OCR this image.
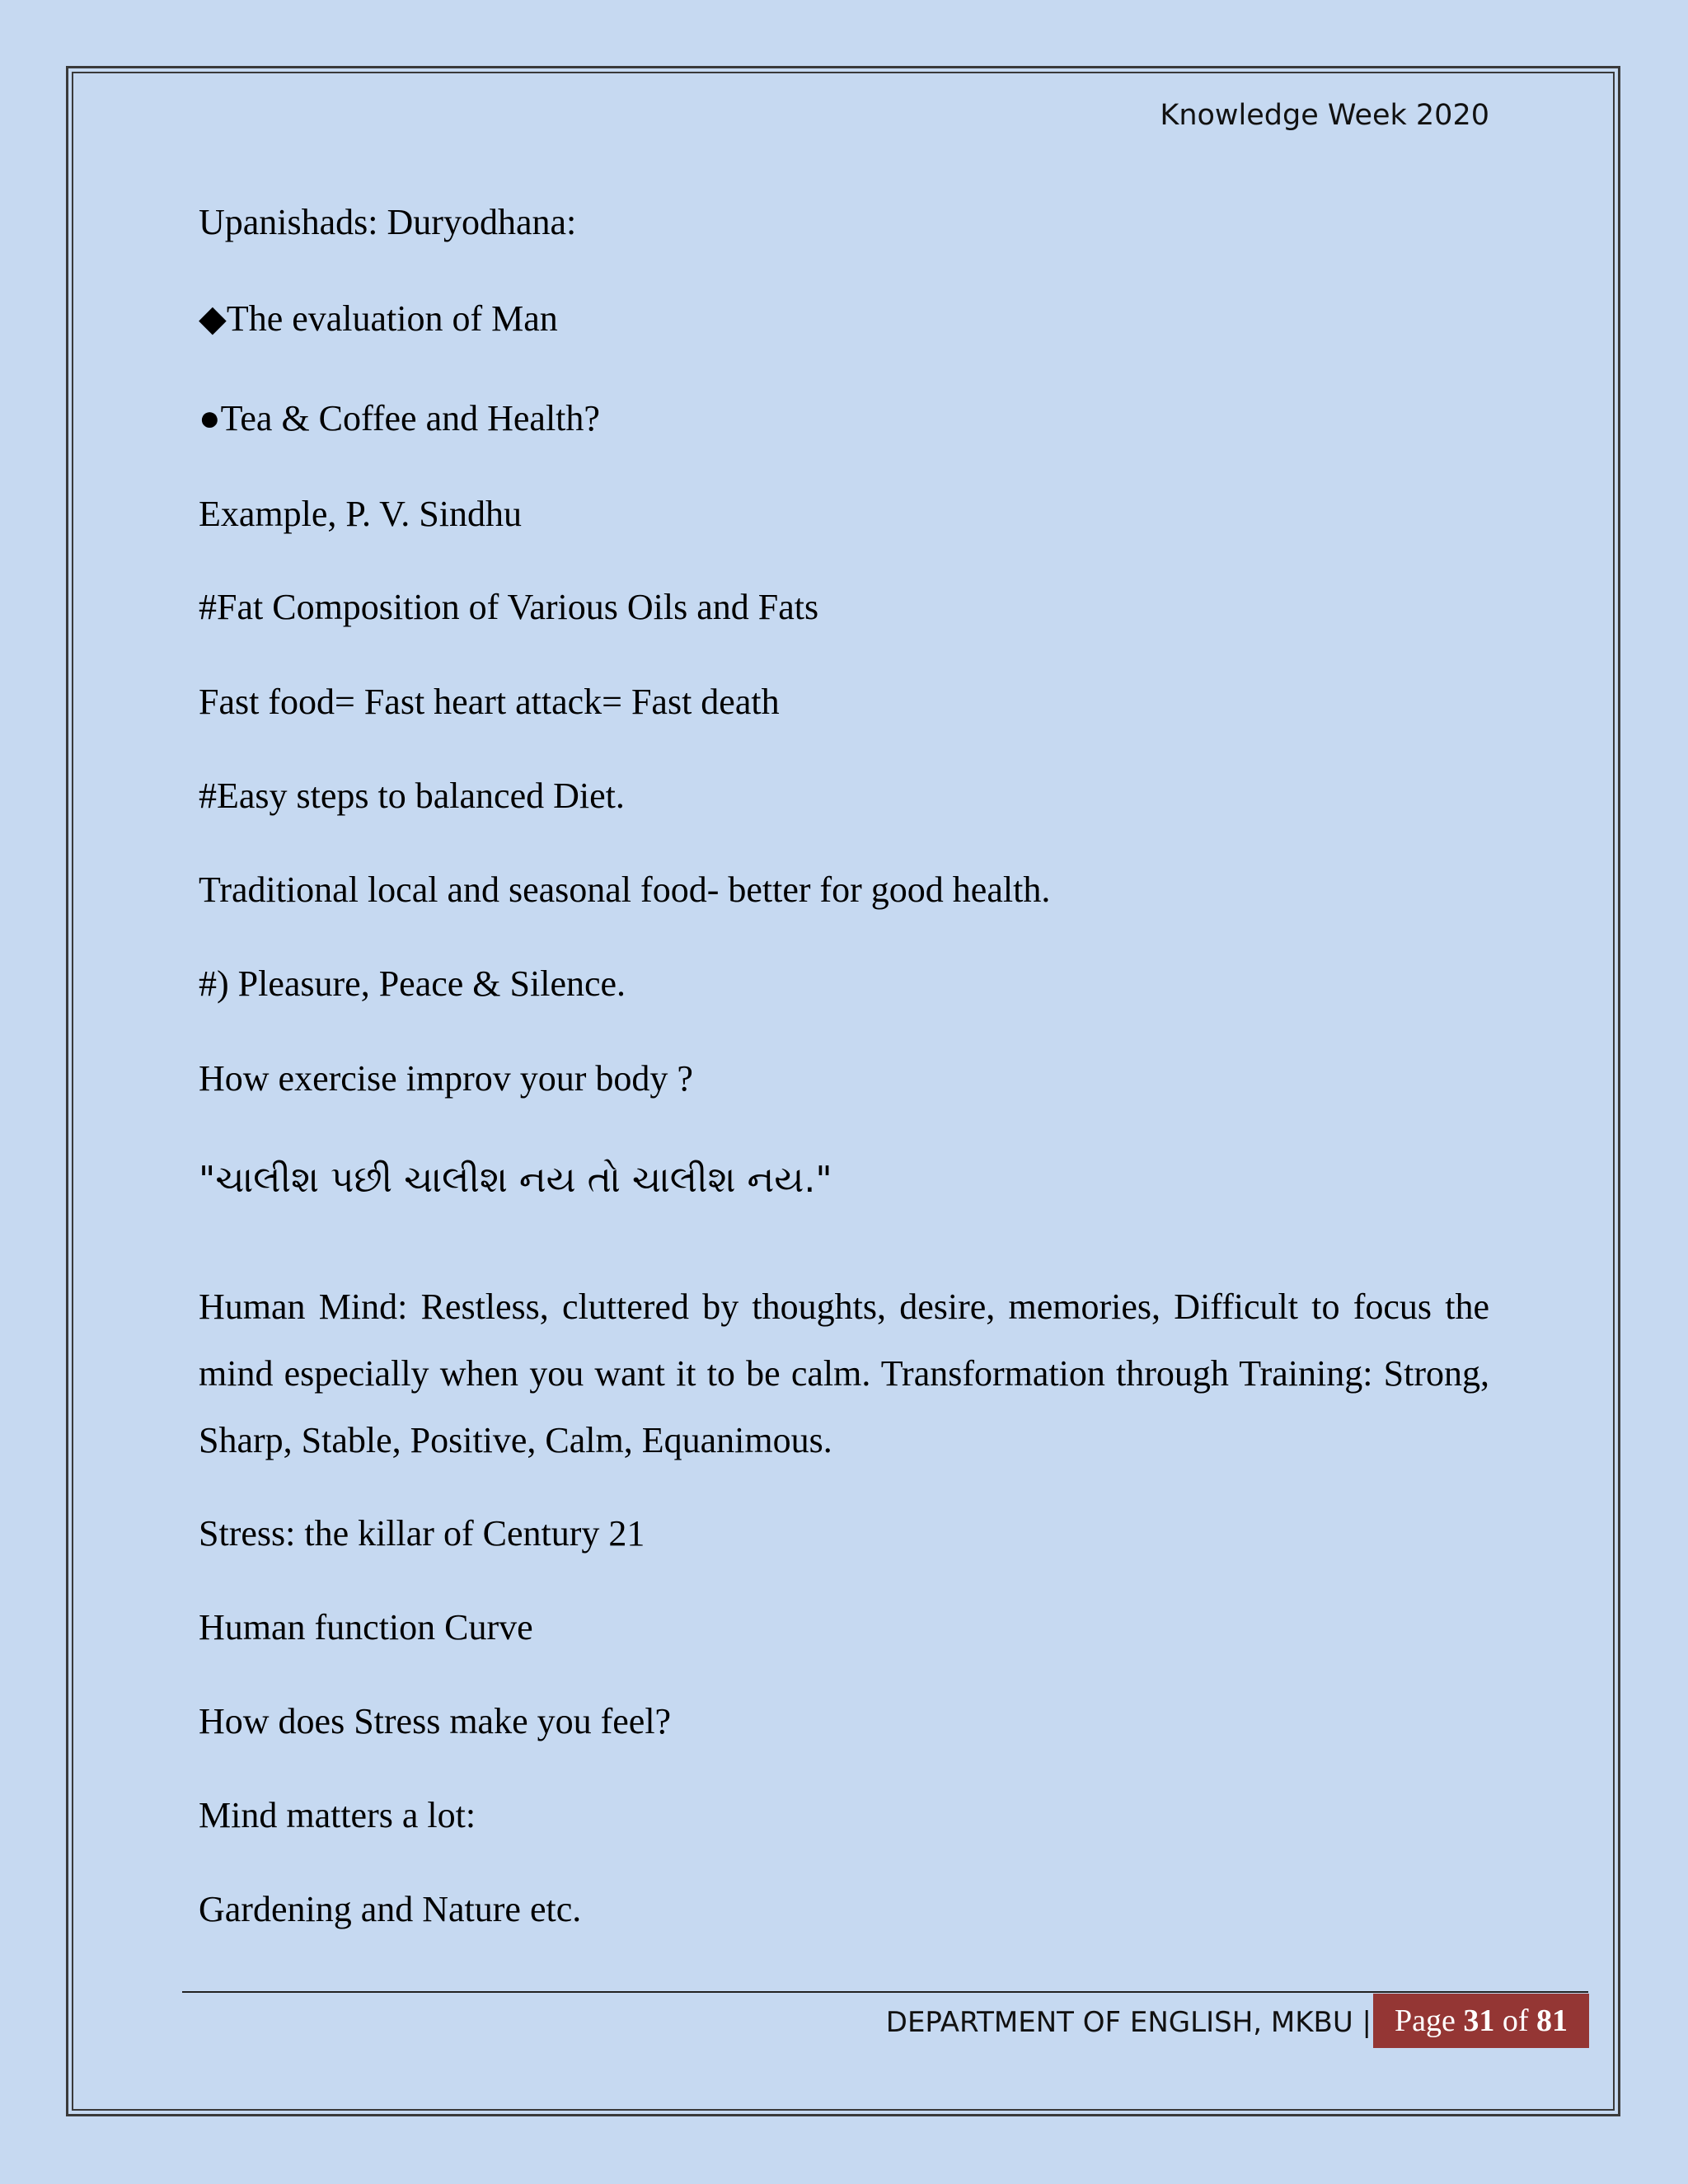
Knowledge Week 2020
Upanishads: Duryodhana:
◆The evaluation of Man
●Tea & Coffee and Health?
Example, P. V. Sindhu
#Fat Composition of Various Oils and Fats
Fast food= Fast heart attack= Fast death
#Easy steps to balanced Diet.
Traditional local and seasonal food- better for good health.
#) Pleasure, Peace & Silence.
How exercise improv your body ?
"ચાલીશ પછી ચાલીશ નય તો ચાલીશ નય."
Human Mind: Restless, cluttered by thoughts, desire, memories, Difficult to focus the mind especially when you want it to be calm. Transformation through Training: Strong, Sharp, Stable, Positive, Calm, Equanimous.
Stress: the killar of Century 21
Human function Curve
How does Stress make you feel?
Mind matters a lot:
Gardening and Nature etc.
DEPARTMENT OF ENGLISH, MKBU | Page 31 of 81
